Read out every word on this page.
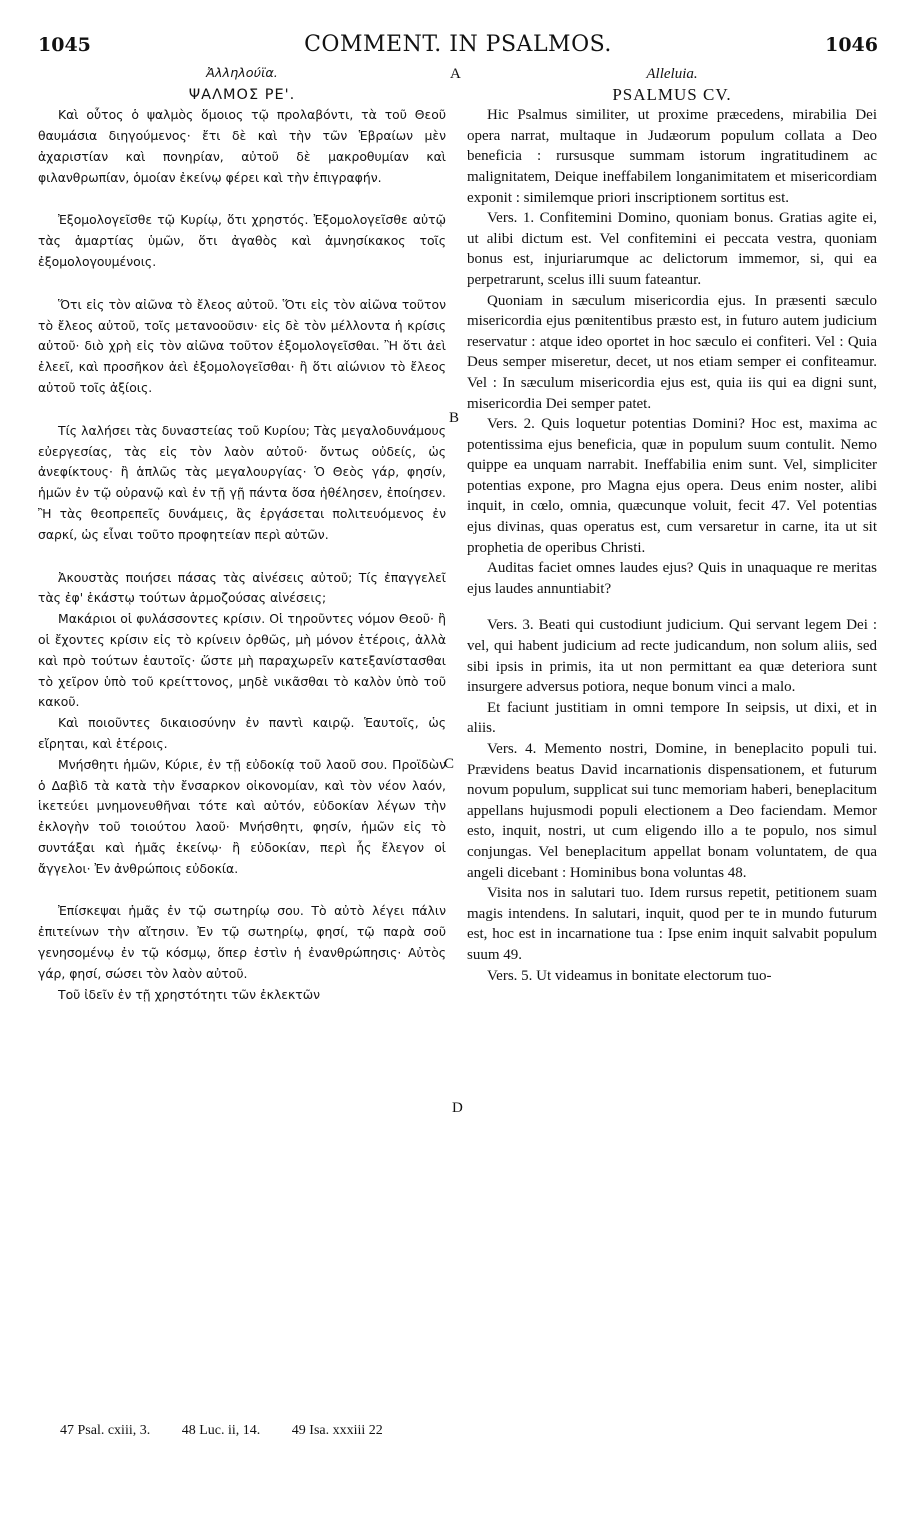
1045	COMMENT. IN PSALMOS.	1046
A
B
C
D
Ἀλληλούϊα.
ΨΑΛΜΟΣ ΡΕ'.

Καὶ οὗτος ὁ ψαλμὸς ὅμοιος τῷ προλαβόντι, τὰ τοῦ Θεοῦ θαυμάσια διηγούμενος· ἔτι δὲ καὶ τὴν τῶν Ἑβραίων μὲν ἀχαριστίαν καὶ πονηρίαν, αὐτοῦ δὲ μακροθυμίαν καὶ φιλανθρωπίαν, ὁμοίαν ἐκείνῳ φέρει καὶ τὴν ἐπιγραφήν.

Ἐξομολογεῖσθε τῷ Κυρίῳ, ὅτι χρηστός. Ἐξομολογεῖσθε αὐτῷ τὰς ἁμαρτίας ὑμῶν, ὅτι ἀγαθὸς καὶ ἀμνησίκακος τοῖς ἐξομολογουμένοις.

Ὅτι εἰς τὸν αἰῶνα τὸ ἔλεος αὐτοῦ. Ὅτι εἰς τὸν αἰῶνα τοῦτον τὸ ἔλεος αὐτοῦ, τοῖς μετανοοῦσιν· εἰς δὲ τὸν μέλλοντα ἡ κρίσις αὐτοῦ· διὸ χρὴ εἰς τὸν αἰῶνα τοῦτον ἐξομολογεῖσθαι. Ἢ ὅτι ἀεὶ ἐλεεῖ, καὶ προσῆκον ἀεὶ ἐξομολογεῖσθαι· ἢ ὅτι αἰώνιον τὸ ἔλεος αὐτοῦ τοῖς ἀξίοις.

Τίς λαλήσει τὰς δυναστείας τοῦ Κυρίου; Τὰς μεγαλοδυνάμους εὐεργεσίας, τὰς εἰς τὸν λαὸν αὐτοῦ· ὄντως οὐδείς, ὡς ἀνεφίκτους· ἢ ἁπλῶς τὰς μεγαλουργίας· Ὁ Θεὸς γάρ, φησίν, ἡμῶν ἐν τῷ οὐρανῷ καὶ ἐν τῇ γῇ πάντα ὅσα ἠθέλησεν, ἐποίησεν. Ἢ τὰς θεοπρεπεῖς δυνάμεις, ἃς ἐργάσεται πολιτευόμενος ἐν σαρκί, ὡς εἶναι τοῦτο προφητείαν περὶ αὐτῶν.

Ἀκουστὰς ποιήσει πάσας τὰς αἰνέσεις αὐτοῦ; Τίς ἐπαγγελεῖ τὰς ἐφ' ἑκάστῳ τούτων ἁρμοζούσας αἰνέσεις;

Μακάριοι οἱ φυλάσσοντες κρίσιν. Οἱ τηροῦντες νόμον Θεοῦ· ἢ οἱ ἔχοντες κρίσιν εἰς τὸ κρίνειν ὀρθῶς, μὴ μόνον ἑτέροις, ἀλλὰ καὶ πρὸ τούτων ἑαυτοῖς· ὥστε μὴ παραχωρεῖν κατεξανίστασθαι τὸ χεῖρον ὑπὸ τοῦ κρείττονος, μηδὲ νικᾶσθαι τὸ καλὸν ὑπὸ τοῦ κακοῦ.

Καὶ ποιοῦντες δικαιοσύνην ἐν παντὶ καιρῷ. Ἑαυτοῖς, ὡς εἴρηται, καὶ ἑτέροις.

Μνήσθητι ἡμῶν, Κύριε, ἐν τῇ εὐδοκίᾳ τοῦ λαοῦ σου. Προϊδὼν ὁ Δαβὶδ τὰ κατὰ τὴν ἔνσαρκον οἰκονομίαν, καὶ τὸν νέον λαόν, ἱκετεύει μνημονευθῆναι τότε καὶ αὐτόν, εὐδοκίαν λέγων τὴν ἐκλογὴν τοῦ τοιούτου λαοῦ· Μνήσθητι, φησίν, ἡμῶν εἰς τὸ συντάξαι καὶ ἡμᾶς ἐκείνῳ· ἢ εὐδοκίαν, περὶ ἧς ἔλεγον οἱ ἄγγελοι· Ἐν ἀνθρώποις εὐδοκία.

Ἐπίσκεψαι ἡμᾶς ἐν τῷ σωτηρίῳ σου. Τὸ αὐτὸ λέγει πάλιν ἐπιτείνων τὴν αἴτησιν. Ἐν τῷ σωτηρίῳ, φησί, τῷ παρὰ σοῦ γενησομένῳ ἐν τῷ κόσμῳ, ὅπερ ἐστὶν ἡ ἐνανθρώπησις· Αὐτὸς γάρ, φησί, σώσει τὸν λαὸν αὐτοῦ.

Τοῦ ἰδεῖν ἐν τῇ χρηστότητι τῶν ἐκλεκτῶν

Alleluia.
PSALMUS CV.

Hic Psalmus similiter, ut proxime præcedens, mirabilia Dei opera narrat, multaque in Judæorum populum collata a Deo beneficia : rursusque summam istorum ingratitudinem ac malignitatem, Deique ineffabilem longanimitatem et misericordiam exponit : similemque priori inscriptionem sortitus est.

Vers. 1. Confitemini Domino, quoniam bonus. Gratias agite ei, ut alibi dictum est. Vel confitemini ei peccata vestra, quoniam bonus est, injuriarumque ac delictorum immemor, si, qui ea perpetrarunt, scelus illi suum fateantur.

Quoniam in sæculum misericordia ejus. In præsenti sæculo misericordia ejus pœnitentibus præsto est, in futuro autem judicium reservatur : atque ideo oportet in hoc sæculo ei confiteri. Vel : Quia Deus semper miseretur, decet, ut nos etiam semper ei confiteamur. Vel : In sæculum misericordia ejus est, quia iis qui ea digni sunt, misericordia Dei semper patet.

Vers. 2. Quis loquetur potentias Domini? Hoc est, maxima ac potentissima ejus beneficia, quæ in populum suum contulit. Nemo quippe ea unquam narrabit. Ineffabilia enim sunt. Vel, simpliciter potentias expone, pro Magna ejus opera. Deus enim noster, alibi inquit, in cœlo, omnia, quæcunque voluit, fecit 47. Vel potentias ejus divinas, quas operatus est, cum versaretur in carne, ita ut sit prophetia de operibus Christi.

Auditas faciet omnes laudes ejus? Quis in unaquaque re meritas ejus laudes annuntiabit?

Vers. 3. Beati qui custodiunt judicium. Qui servant legem Dei : vel, qui habent judicium ad recte judicandum, non solum aliis, sed sibi ipsis in primis, ita ut non permittant ea quæ deteriora sunt insurgere adversus potiora, neque bonum vinci a malo.

Et faciunt justitiam in omni tempore In seipsis, ut dixi, et in aliis.

Vers. 4. Memento nostri, Domine, in beneplacito populi tui. Prævidens beatus David incarnationis dispensationem, et futurum novum populum, supplicat sui tunc memoriam haberi, beneplacitum appellans hujusmodi populi electionem a Deo faciendam. Memor esto, inquit, nostri, ut cum eligendo illo a te populo, nos simul conjungas. Vel beneplacitum appellat bonam voluntatem, de qua angeli dicebant : Hominibus bona voluntas 48.

Visita nos in salutari tuo. Idem rursus repetit, petitionem suam magis intendens. In salutari, inquit, quod per te in mundo futurum est, hoc est in incarnatione tua : Ipse enim inquit salvabit populum suum 49.

Vers. 5. Ut videamus in bonitate electorum tuo-

47 Psal. cxiii, 3. 48 Luc. ii, 14. 49 Isa. xxxiii 22
